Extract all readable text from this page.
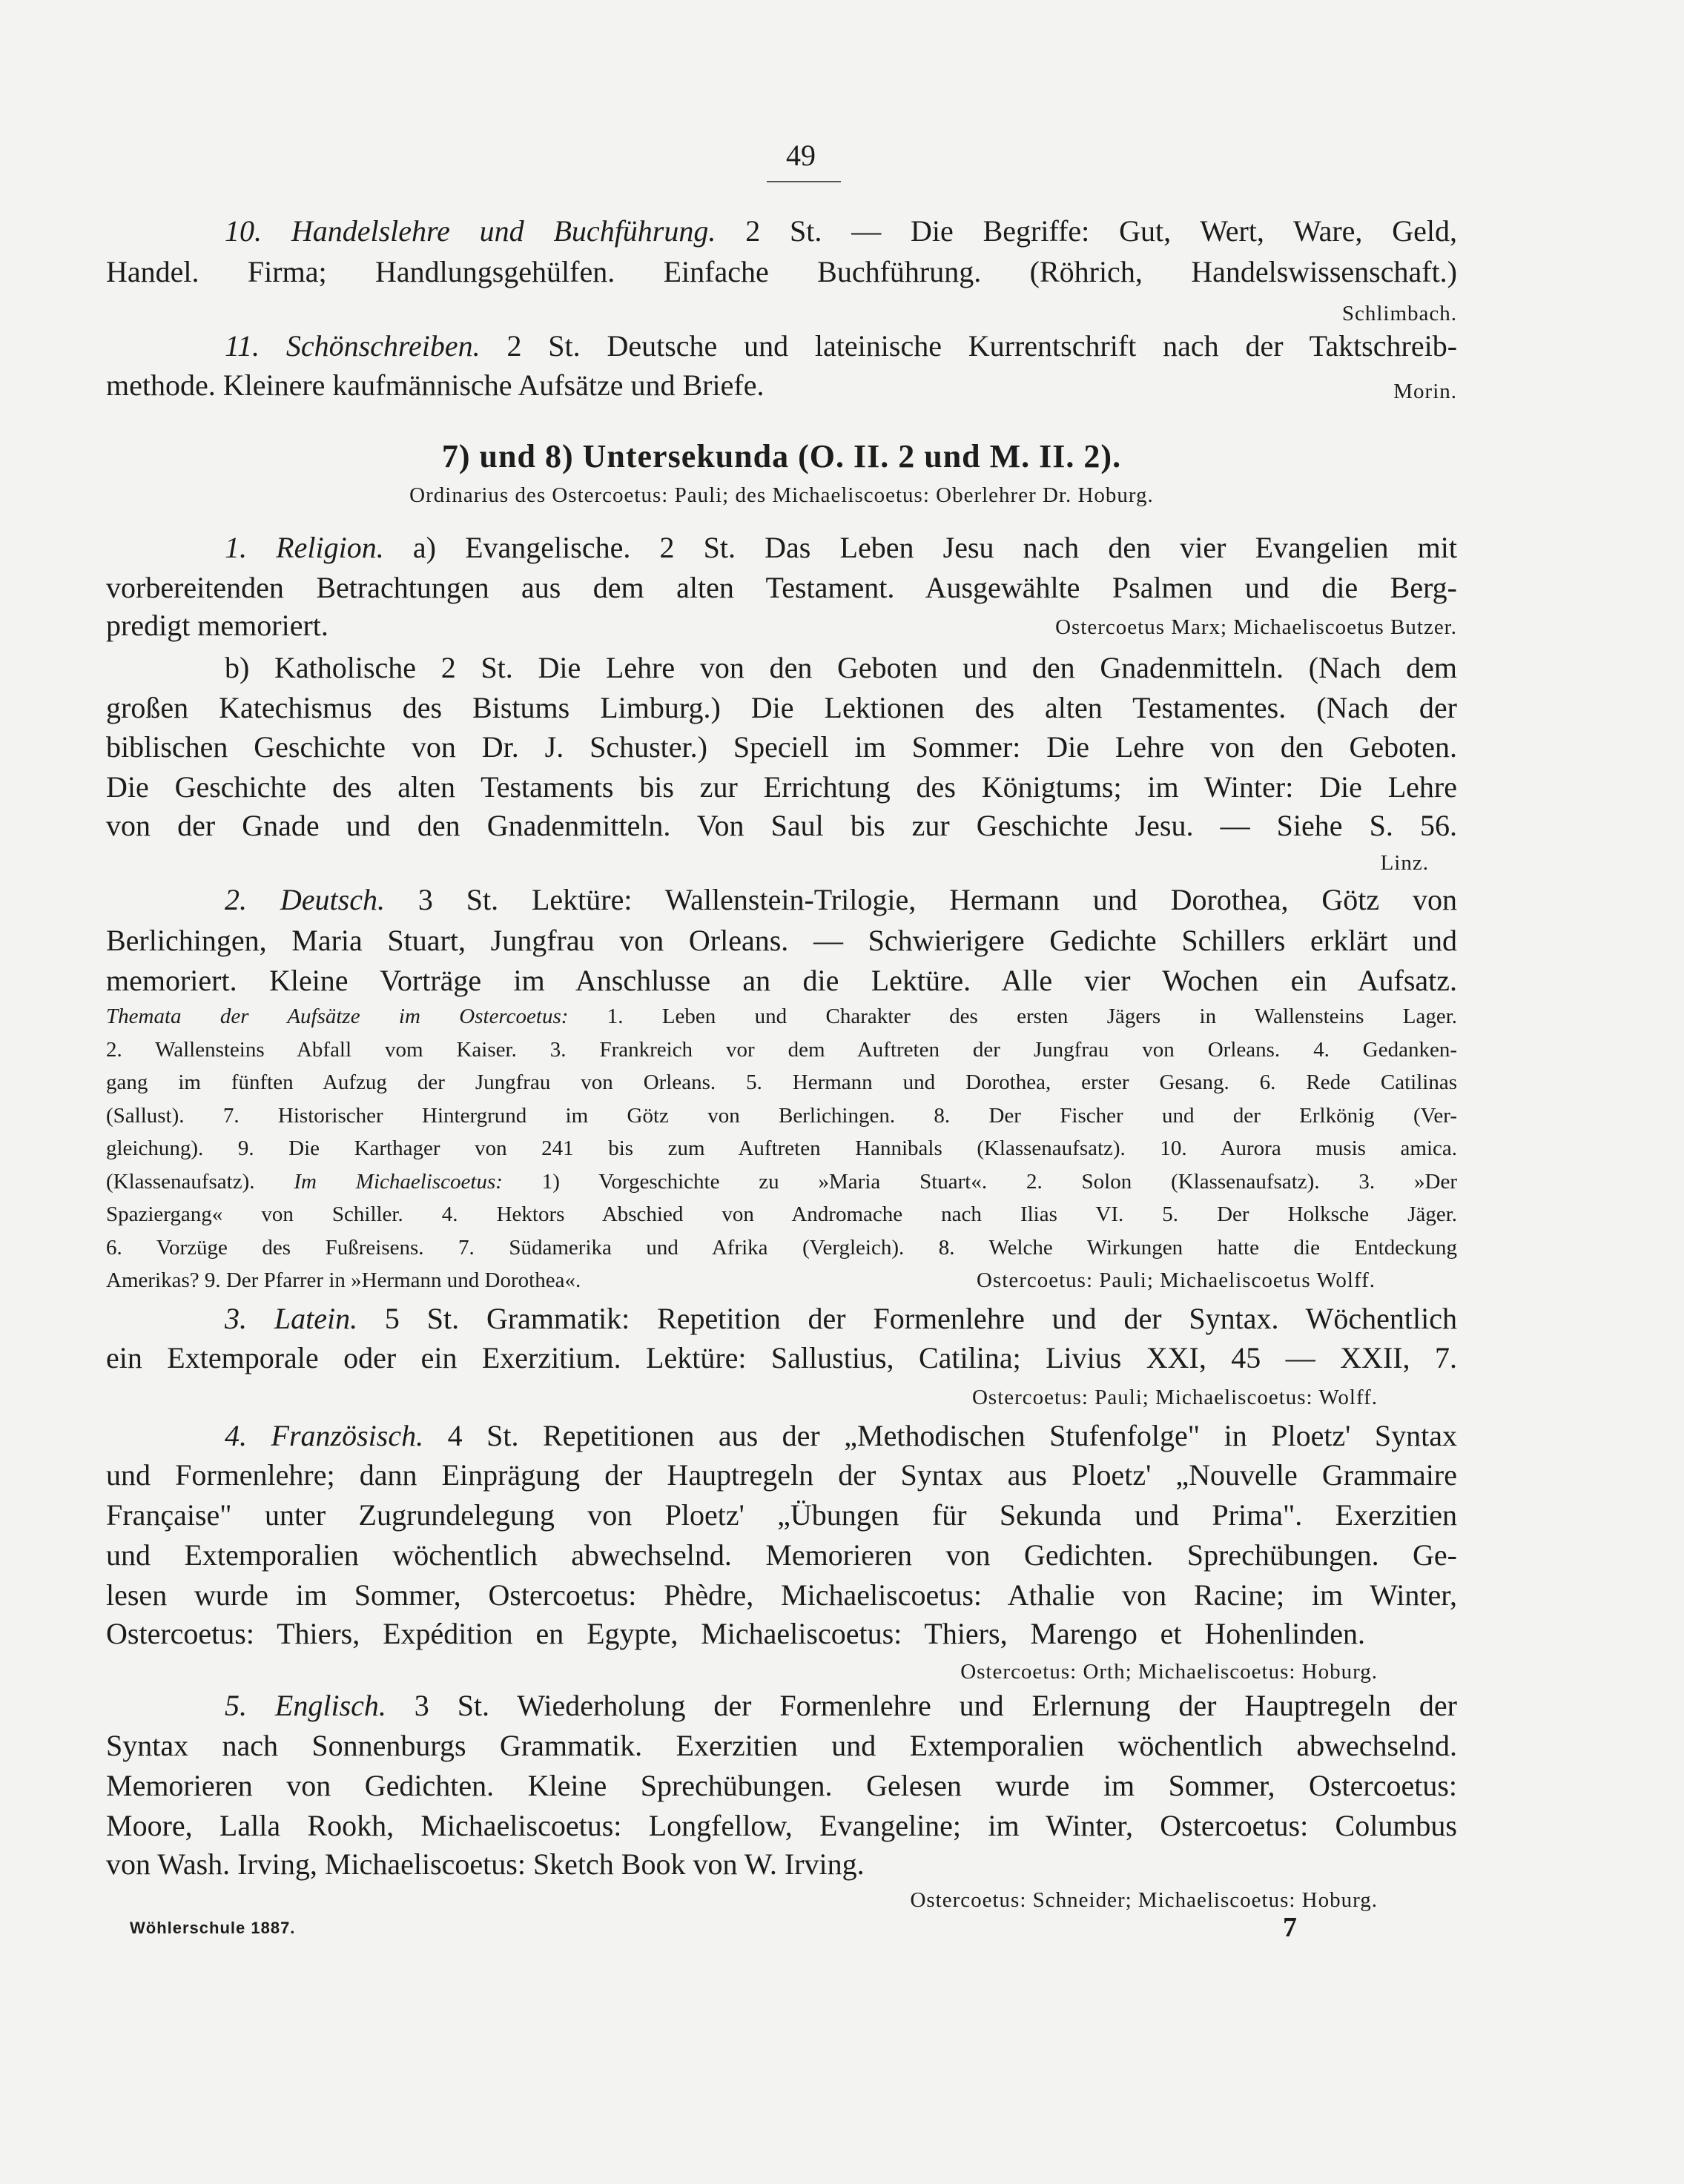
49
10. Handelslehre und Buchführung. 2 St. — Die Begriffe: Gut, Wert, Ware, Geld,
Handel. Firma; Handlungsgehülfen. Einfache Buchführung. (Röhrich, Handelswissenschaft.)
Schlimbach.
11. Schönschreiben. 2 St. Deutsche und lateinische Kurrentschrift nach der Taktschreib-
methode. Kleinere kaufmännische Aufsätze und Briefe.	Morin.
7) und 8) Untersekunda (O. II. 2 und M. II. 2).
Ordinarius des Ostercoetus: Pauli; des Michaeliscoetus: Oberlehrer Dr. Hoburg.
1. Religion. a) Evangelische. 2 St. Das Leben Jesu nach den vier Evangelien mit
vorbereitenden Betrachtungen aus dem alten Testament. Ausgewählte Psalmen und die Berg-
predigt memoriert.	Ostercoetus Marx; Michaeliscoetus Butzer.
b) Katholische 2 St. Die Lehre von den Geboten und den Gnadenmitteln. (Nach dem
großen Katechismus des Bistums Limburg.) Die Lektionen des alten Testamentes. (Nach der
biblischen Geschichte von Dr. J. Schuster.) Speciell im Sommer: Die Lehre von den Geboten.
Die Geschichte des alten Testaments bis zur Errichtung des Königtums; im Winter: Die Lehre
von der Gnade und den Gnadenmitteln. Von Saul bis zur Geschichte Jesu. — Siehe S. 56.
Linz.
2. Deutsch. 3 St. Lektüre: Wallenstein-Trilogie, Hermann und Dorothea, Götz von
Berlichingen, Maria Stuart, Jungfrau von Orleans. — Schwierigere Gedichte Schillers erklärt und
memoriert. Kleine Vorträge im Anschlusse an die Lektüre. Alle vier Wochen ein Aufsatz.
Themata der Aufsätze im Ostercoetus: 1. Leben und Charakter des ersten Jägers in Wallensteins Lager.
2. Wallensteins Abfall vom Kaiser. 3. Frankreich vor dem Auftreten der Jungfrau von Orleans. 4. Gedanken-
gang im fünften Aufzug der Jungfrau von Orleans. 5. Hermann und Dorothea, erster Gesang. 6. Rede Catilinas
(Sallust). 7. Historischer Hintergrund im Götz von Berlichingen. 8. Der Fischer und der Erlkönig (Ver-
gleichung). 9. Die Karthager von 241 bis zum Auftreten Hannibals (Klassenaufsatz). 10. Aurora musis amica.
(Klassenaufsatz). Im Michaeliscoetus: 1) Vorgeschichte zu »Maria Stuart«. 2. Solon (Klassenaufsatz). 3. »Der
Spaziergang« von Schiller. 4. Hektors Abschied von Andromache nach Ilias VI. 5. Der Holksche Jäger.
6. Vorzüge des Fußreisens. 7. Südamerika und Afrika (Vergleich). 8. Welche Wirkungen hatte die Entdeckung
Amerikas? 9. Der Pfarrer in »Hermann und Dorothea«.	Ostercoetus: Pauli; Michaeliscoetus Wolff.
3. Latein. 5 St. Grammatik: Repetition der Formenlehre und der Syntax. Wöchentlich
ein Extemporale oder ein Exerzitium. Lektüre: Sallustius, Catilina; Livius XXI, 45 — XXII, 7.
Ostercoetus: Pauli; Michaeliscoetus: Wolff.
4. Französisch. 4 St. Repetitionen aus der „Methodischen Stufenfolge" in Ploetz' Syntax
und Formenlehre; dann Einprägung der Hauptregeln der Syntax aus Ploetz' „Nouvelle Grammaire
Française" unter Zugrundelegung von Ploetz' „Übungen für Sekunda und Prima". Exerzitien
und Extemporalien wöchentlich abwechselnd. Memorieren von Gedichten. Sprechübungen. Ge-
lesen wurde im Sommer, Ostercoetus: Phèdre, Michaeliscoetus: Athalie von Racine; im Winter,
Ostercoetus: Thiers, Expédition en Egypte, Michaeliscoetus: Thiers, Marengo et Hohenlinden.
Ostercoetus: Orth; Michaeliscoetus: Hoburg.
5. Englisch. 3 St. Wiederholung der Formenlehre und Erlernung der Hauptregeln der
Syntax nach Sonnenburgs Grammatik. Exerzitien und Extemporalien wöchentlich abwechselnd.
Memorieren von Gedichten. Kleine Sprechübungen. Gelesen wurde im Sommer, Ostercoetus:
Moore, Lalla Rookh, Michaeliscoetus: Longfellow, Evangeline; im Winter, Ostercoetus: Columbus
von Wash. Irving, Michaeliscoetus: Sketch Book von W. Irving.
Ostercoetus: Schneider; Michaeliscoetus: Hoburg.
Wöhlerschule 1887.	7
